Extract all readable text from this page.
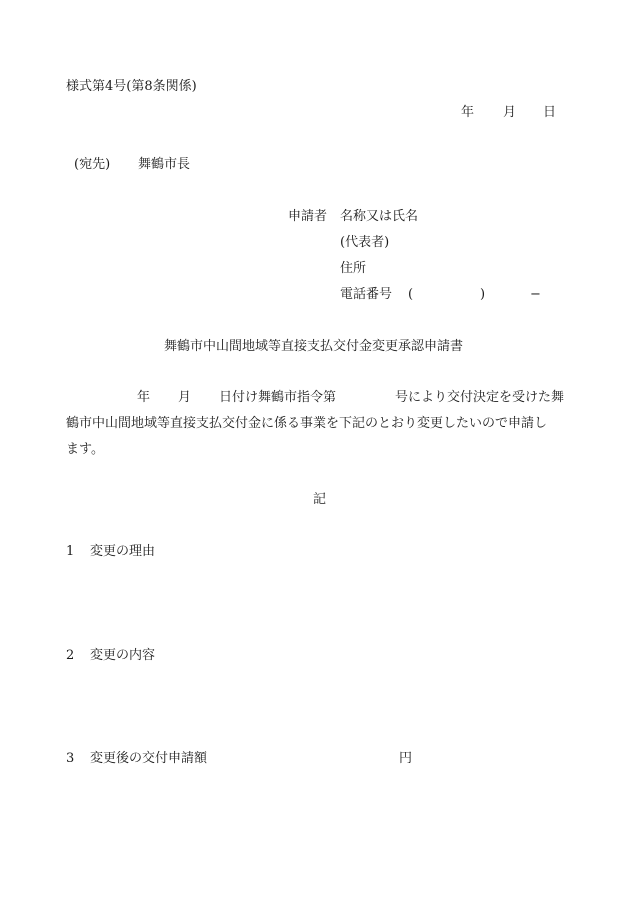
様式第4号(第8条関係)
年 月 日
(宛先) 舞鶴市長
申請者 名称又は氏名
(代表者)
住所
電話番号 (	)	−
舞鶴市中山間地域等直接支払交付金変更承認申請書
年 月 日付け舞鶴市指令第	号により交付決定を受けた舞
鶴市中山間地域等直接支払交付金に係る事業を下記のとおり変更したいので申請し
ます。
記
1 変更の理由
2 変更の内容
3 変更後の交付申請額	円
